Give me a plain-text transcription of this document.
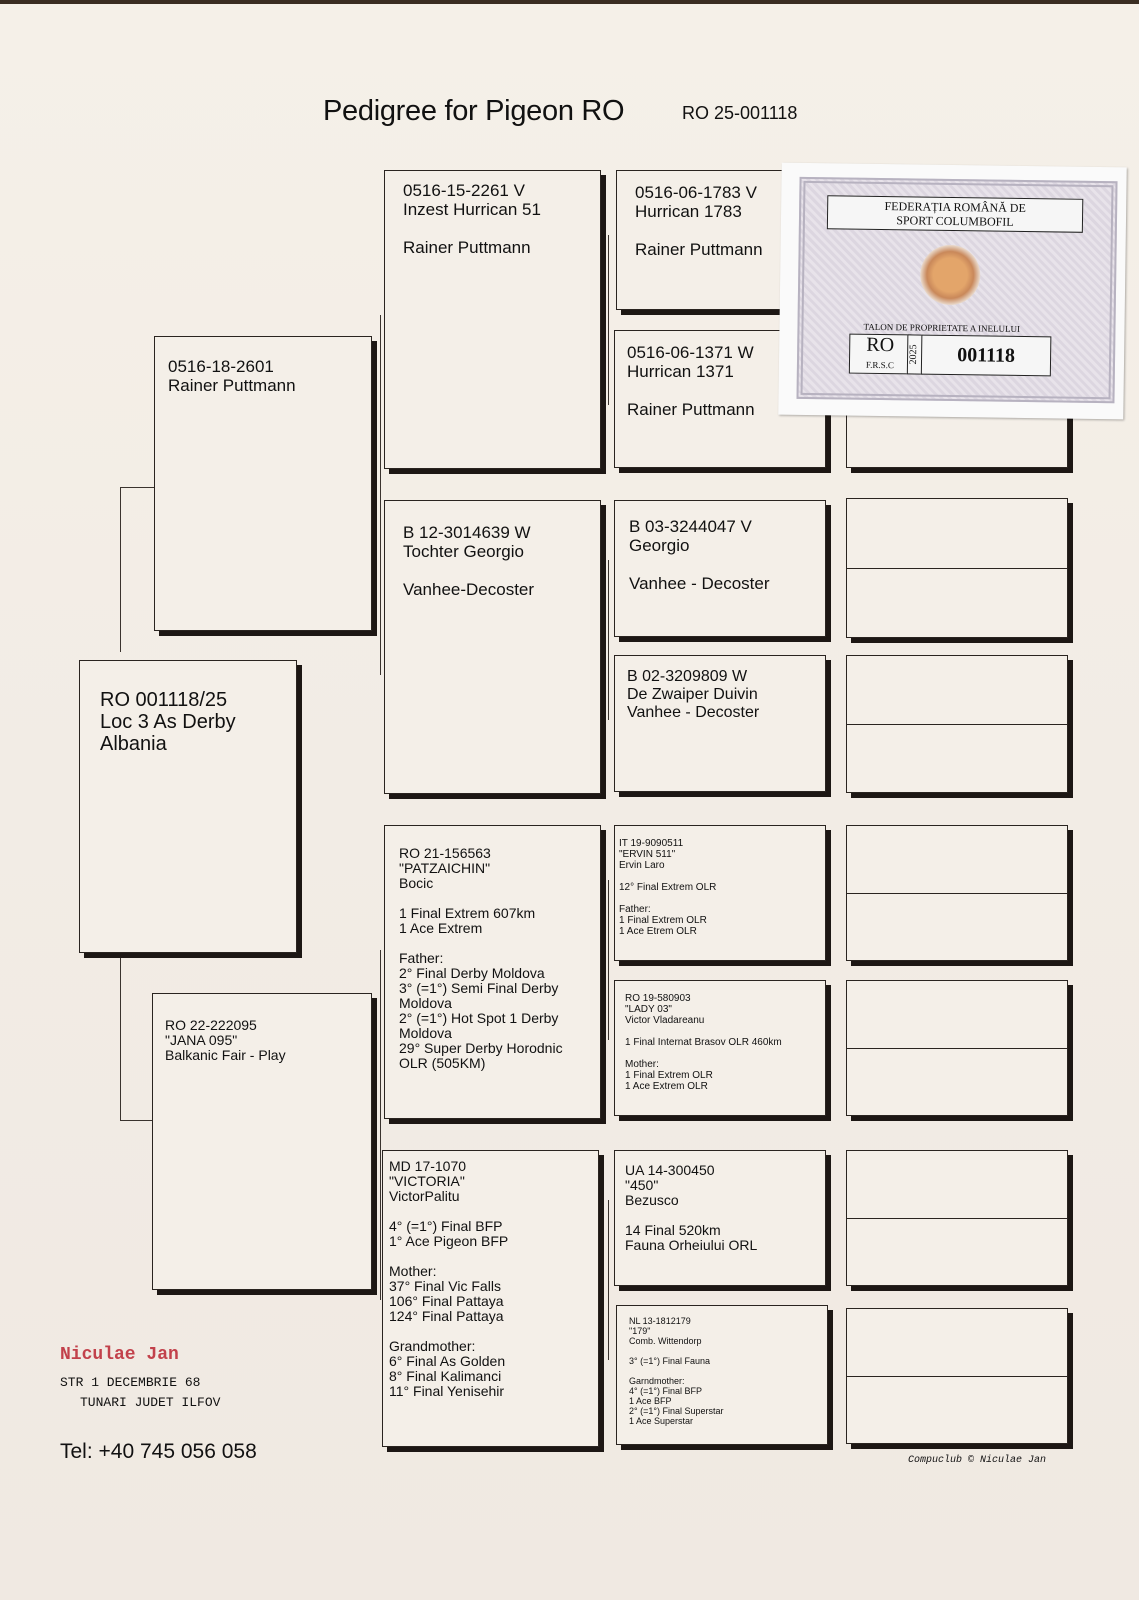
Pedigree for Pigeon RO	RO 25-001118
RO 001118/25
Loc 3 As Derby
Albania
0516-18-2601
Rainer Puttmann
RO 22-222095
"JANA 095"
Balkanic Fair - Play
0516-15-2261 V
Inzest Hurrican 51

Rainer Puttmann
B 12-3014639 W
Tochter Georgio

Vanhee-Decoster
RO 21-156563
"PATZAICHIN"
Bocic

1 Final Extrem 607km
1 Ace Extrem

Father:
2° Final Derby Moldova
3° (=1°) Semi Final Derby
Moldova
2° (=1°) Hot Spot 1 Derby
Moldova
29° Super Derby Horodnic
OLR (505KM)
MD 17-1070
"VICTORIA"
VictorPalitu

4° (=1°) Final BFP
1° Ace Pigeon BFP

Mother:
37° Final Vic Falls
106° Final Pattaya
124° Final Pattaya

Grandmother:
6° Final As Golden
8° Final Kalimanci
11° Final Yenisehir
0516-06-1783 V
Hurrican 1783

Rainer Puttmann
0516-06-1371 W
Hurrican 1371

Rainer Puttmann
B 03-3244047 V
Georgio

Vanhee - Decoster
B 02-3209809 W
De Zwaiper Duivin
Vanhee - Decoster
IT 19-9090511
"ERVIN 511"
Ervin Laro

12° Final Extrem OLR

Father:
1 Final Extrem OLR
1 Ace Etrem OLR
RO 19-580903
"LADY 03"
Victor Vladareanu

1 Final Internat Brasov OLR 460km

Mother:
1 Final Extrem OLR
1 Ace Extrem OLR
UA 14-300450
"450"
Bezusco

14 Final 520km
Fauna Orheiului ORL
NL 13-1812179
"179"
Comb. Wittendorp

3° (=1°) Final Fauna

Garndmother:
4° (=1°) Final BFP
1 Ace BFP
2° (=1°) Final Superstar
1 Ace Superstar
FEDERAȚIA ROMÂNĂ DE
SPORT COLUMBOFIL
TALON DE PROPRIETATE A INELULUI
RO
F.R.S.C
2025	001118
Niculae Jan
STR 1 DECEMBRIE 68
TUNARI JUDET ILFOV
Tel: +40 745 056 058	Compuclub © Niculae Jan
